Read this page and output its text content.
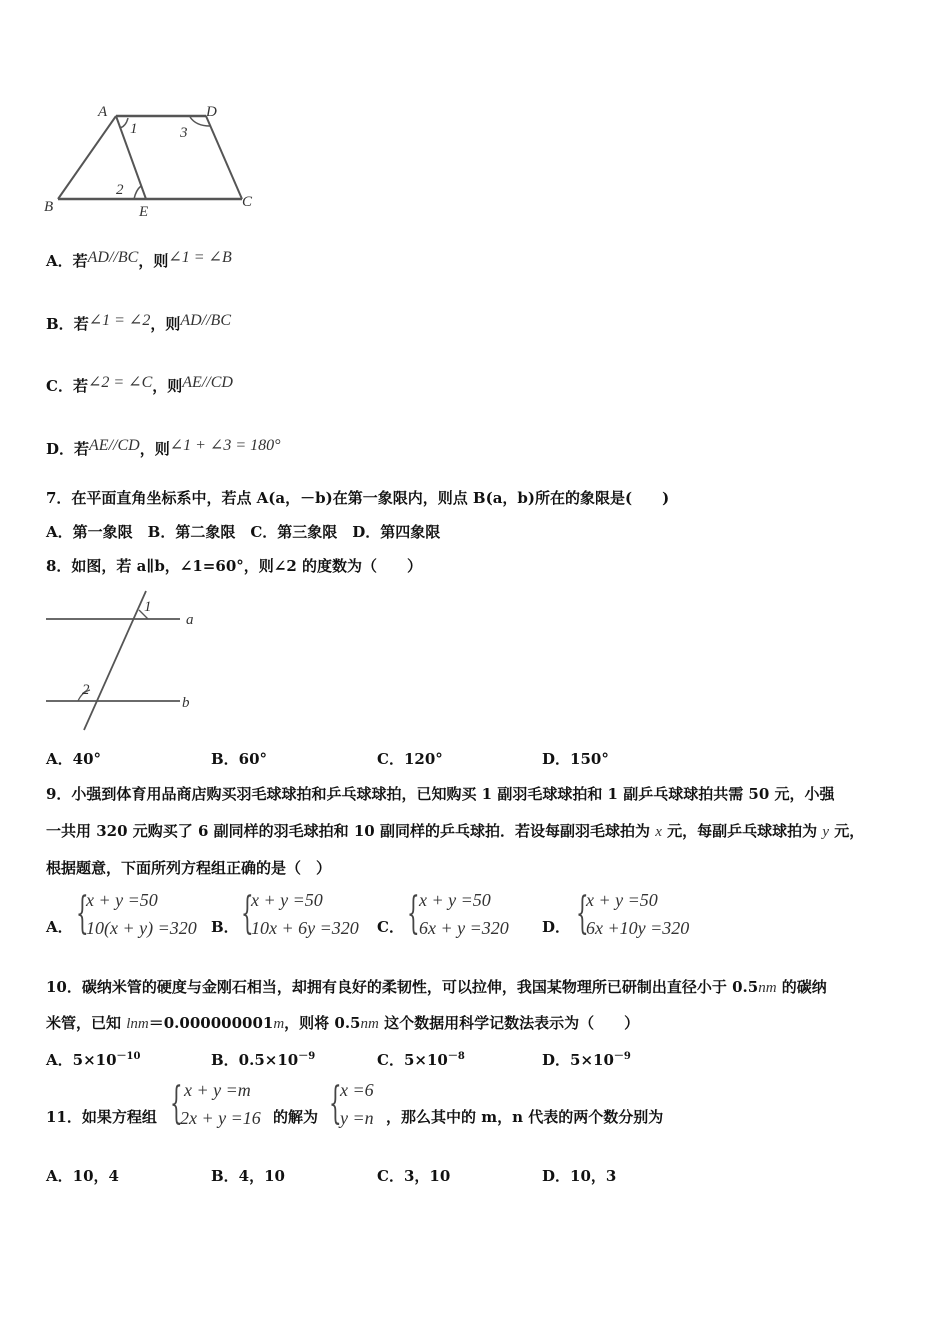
A	D
B	E
C
1
2
3
A．若AD//BC，则∠1 = ∠B
B．若∠1 = ∠2，则AD//BC
C．若∠2 = ∠C，则AE//CD
D．若AE//CD，则∠1 + ∠3 = 180°
7．在平面直角坐标系中，若点 A(a，－b)在第一象限内，则点 B(a，b)所在的象限是(　　)
A．第一象限　B．第二象限　C．第三象限　D．第四象限
8．如图，若 a∥b，∠1=60°，则∠2 的度数为（　　）
1
2
a
b
A．40°	B．60°	C．120°	D．150°
9．小强到体育用品商店购买羽毛球球拍和乒乓球球拍，已知购买 1 副羽毛球球拍和 1 副乒乓球球拍共需 50 元，小强
一共用 320 元购买了 6 副同样的羽毛球拍和 10 副同样的乒乓球拍．若设每副羽毛球拍为 x 元，每副乒乓球球拍为 y 元，
根据题意，下面所列方程组正确的是（　）
A． {
x + y =50
10(x + y) =320 B． {
x + y =50
10x + 6y =320 C． { x + y =50
6x + y =320 D． {
x + y =50
6x +10y =320
10．碳纳米管的硬度与金刚石相当，却拥有良好的柔韧性，可以拉伸，我国某物理所已研制出直径小于 0.5nm 的碳纳
米管，已知 lnm＝0.000000001m，则将 0.5nm 这个数据用科学记数法表示为（　　）
A．$5\times 10^{-10}$	B．$0.5\times 10^{-9}$	C．$5\times 10^{-8}$	D．$5\times 10^{-9}$
11．如果方程组 { x + y =m
2x + y =16 的解为 {
x =6
y =n ，那么其中的 m，n 代表的两个数分别为
A．10，4	B．4，10	C．3，10	D．10，3
